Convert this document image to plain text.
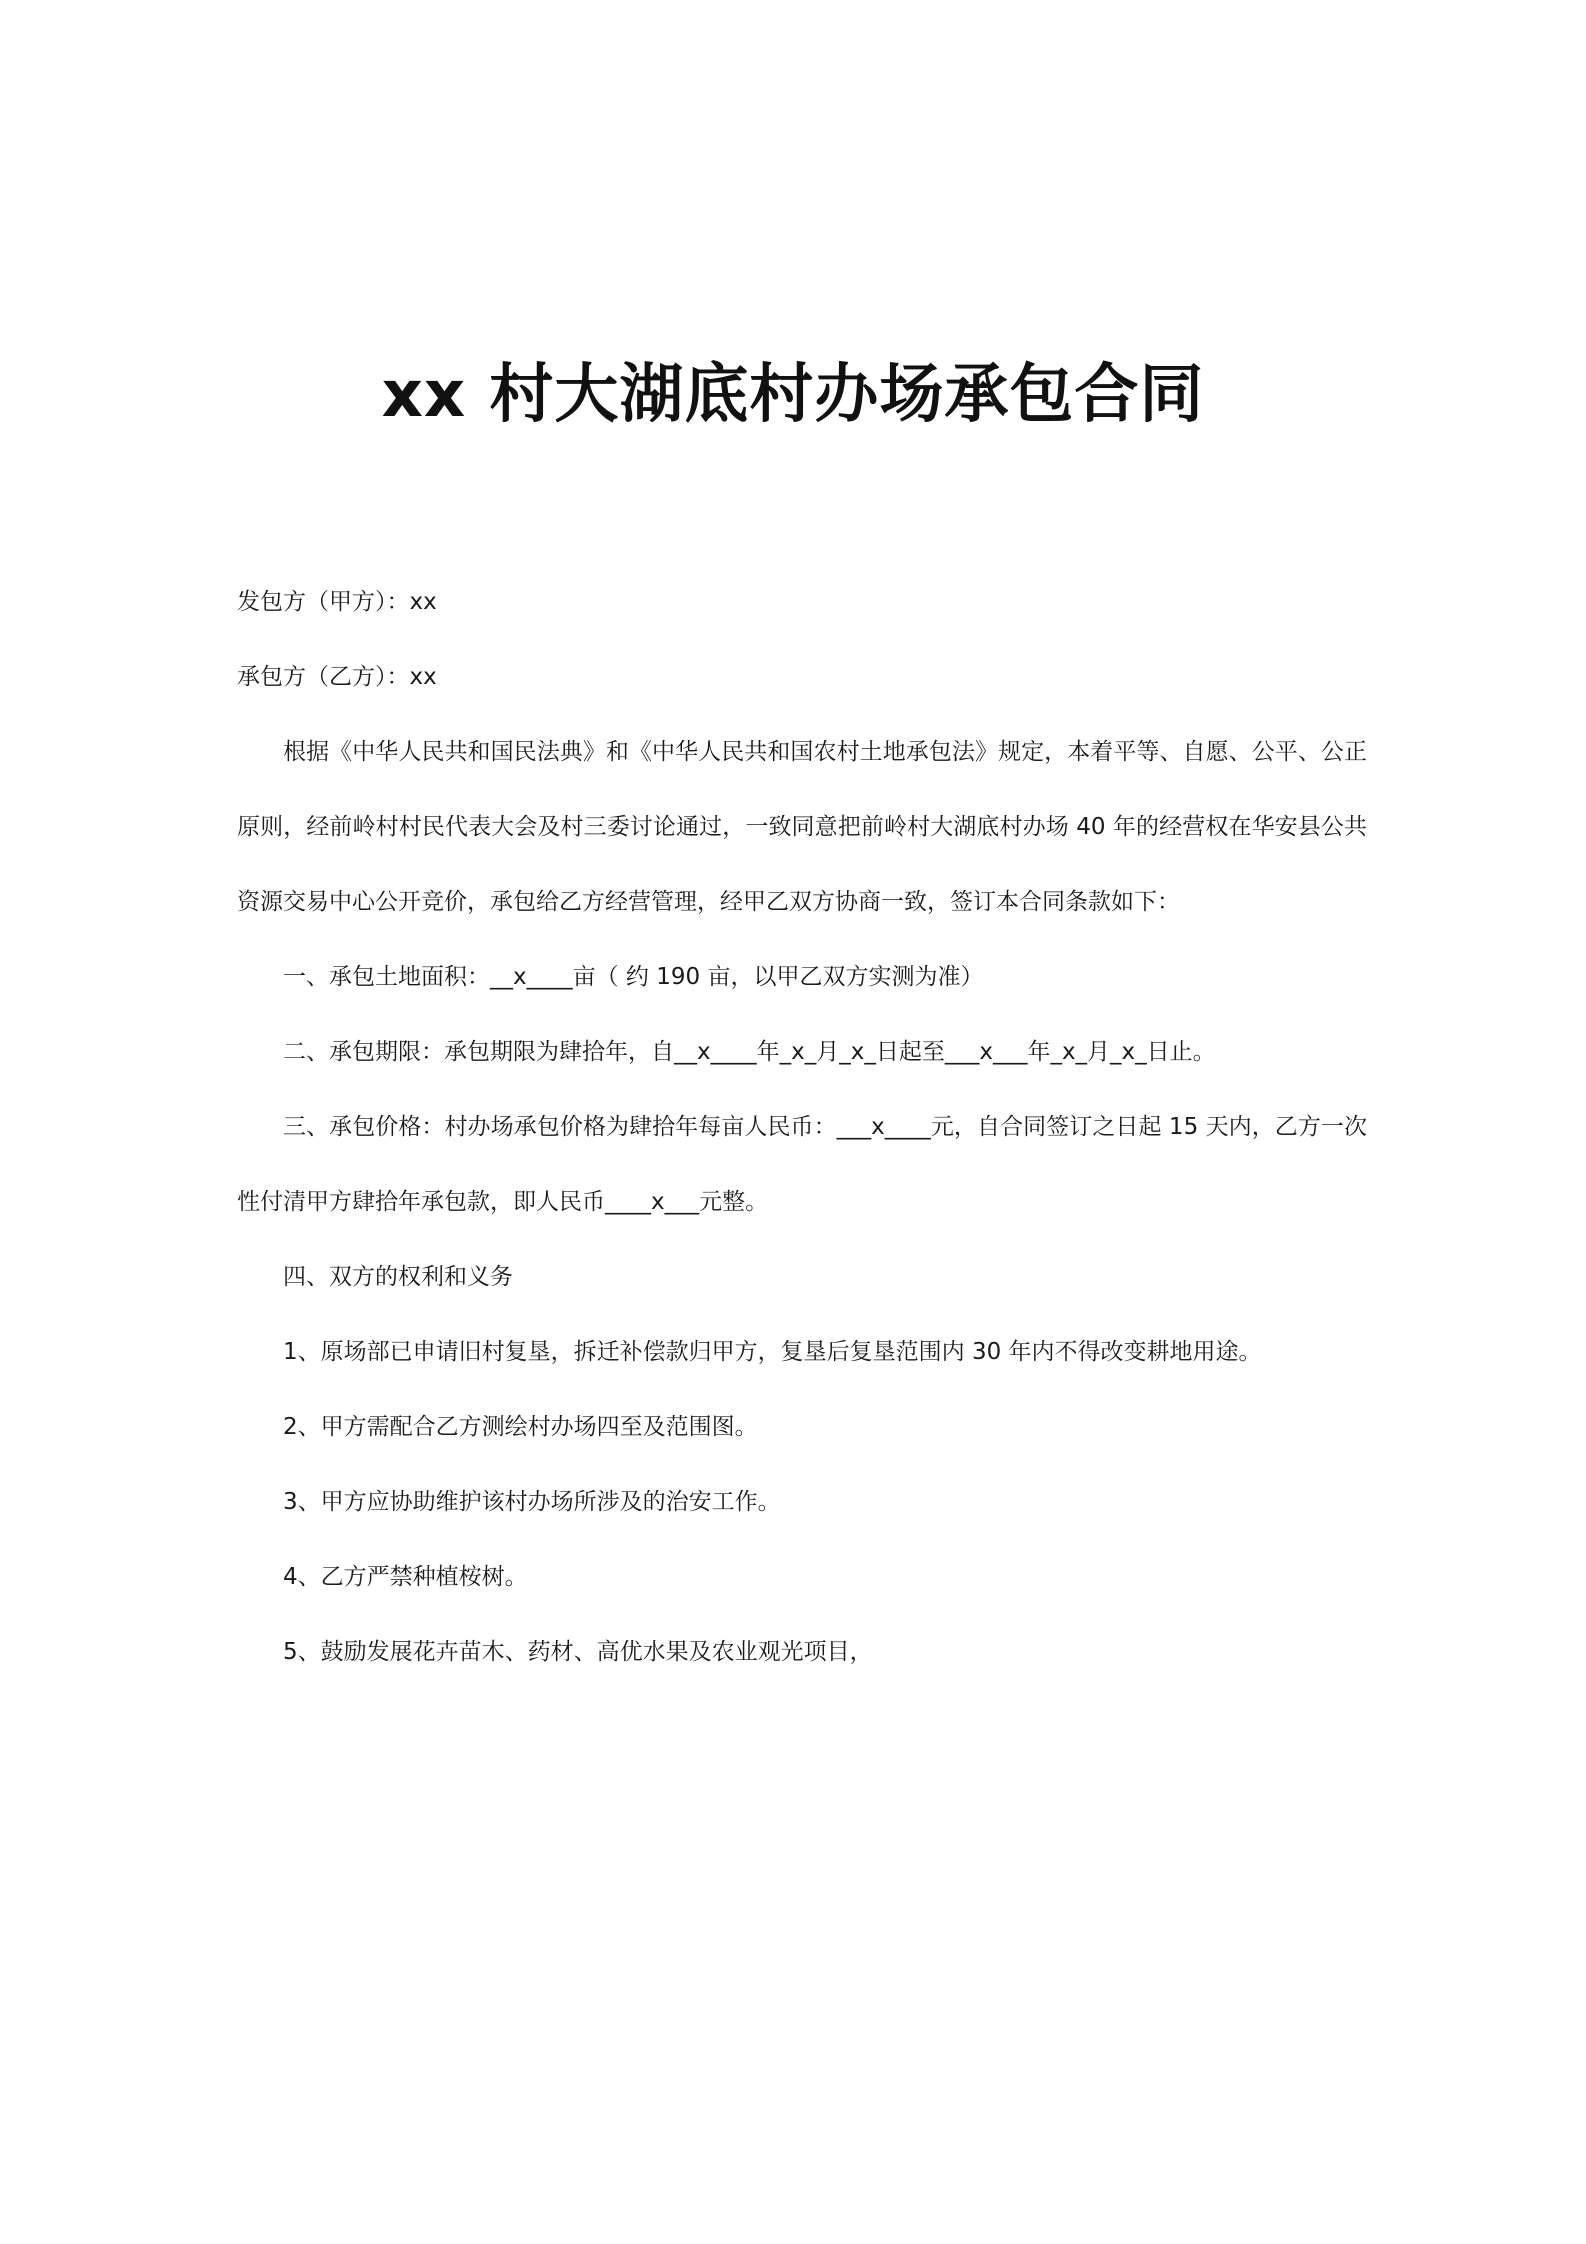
xx 村大湖底村办场承包合同

发包方（甲方）：xx

承包方（乙方）：xx

根据《中华人民共和国民法典》和《中华人民共和国农村土地承包法》规定，本着平等、自愿、公平、公正原则，经前岭村村民代表大会及村三委讨论通过，一致同意把前岭村大湖底村办场 40 年的经营权在华安县公共资源交易中心公开竞价，承包给乙方经营管理，经甲乙双方协商一致，签订本合同条款如下：

一、承包土地面积：__x____亩（ 约 190 亩，以甲乙双方实测为准）

二、承包期限：承包期限为肆拾年，自__x____年_x_月_x_日起至___x___年_x_月_x_日止。

三、承包价格：村办场承包价格为肆拾年每亩人民币：___x____元，自合同签订之日起 15 天内，乙方一次性付清甲方肆拾年承包款，即人民币____x___元整。

四、双方的权利和义务

1、原场部已申请旧村复垦，拆迁补偿款归甲方，复垦后复垦范围内 30 年内不得改变耕地用途。

2、甲方需配合乙方测绘村办场四至及范围图。

3、甲方应协助维护该村办场所涉及的治安工作。

4、乙方严禁种植桉树。

5、鼓励发展花卉苗木、药材、高优水果及农业观光项目，
